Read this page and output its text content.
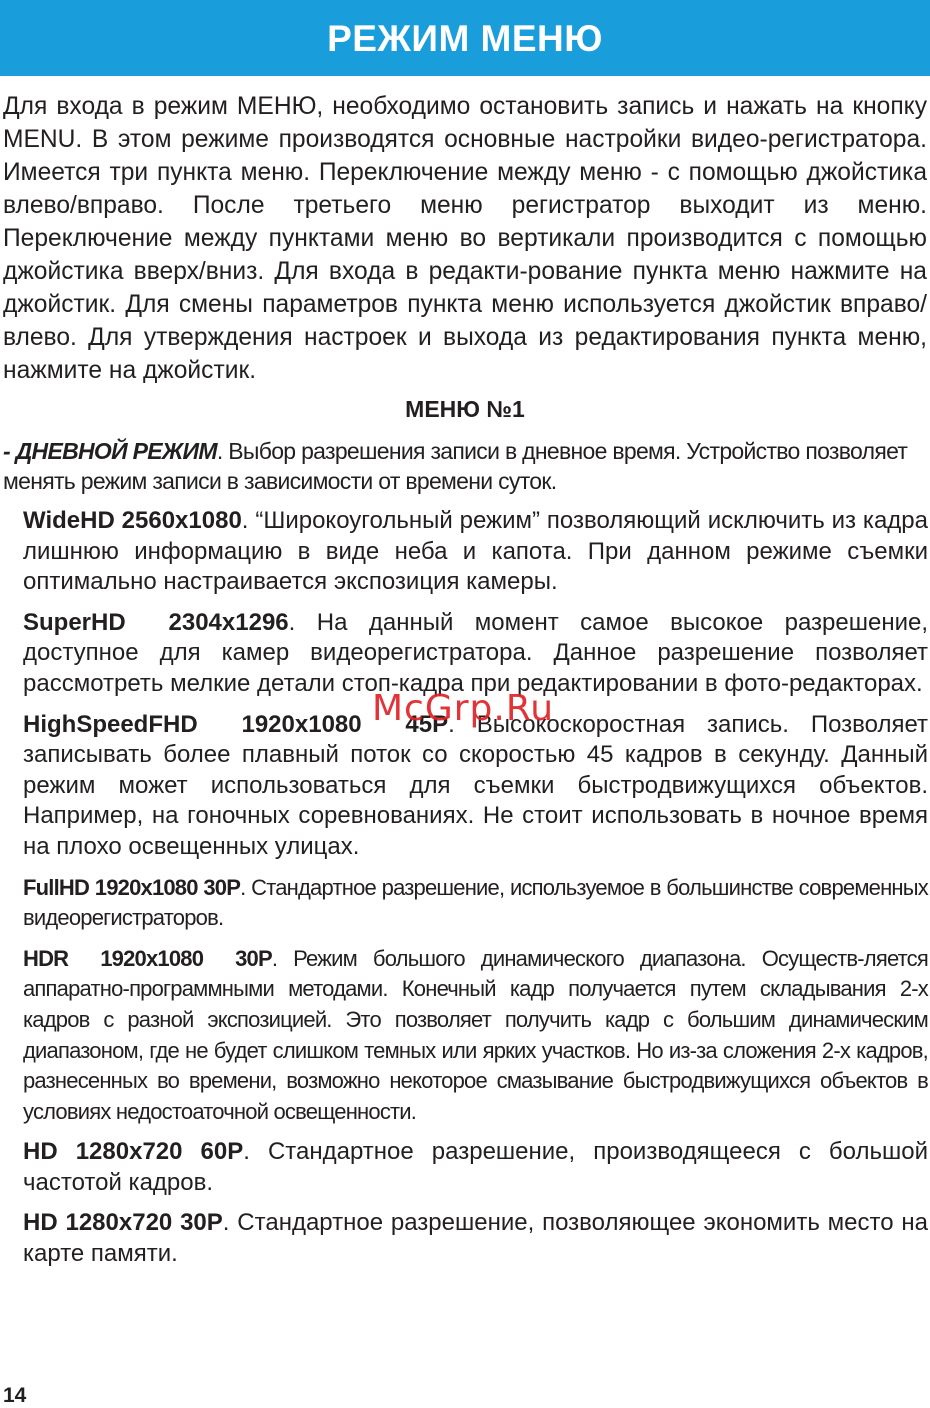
РЕЖИМ МЕНЮ

Для входа в режим МЕНЮ, необходимо остановить запись и нажать на кнопку MENU. В этом режиме производятся основные настройки видео-регистратора. Имеется три пункта меню. Переключение между меню - с помощью джойстика влево/вправо. После третьего меню регистратор выходит из меню. Переключение между пунктами меню во вертикали производится с помощью джойстика вверх/вниз. Для входа в редакти-рование пункта меню нажмите на джойстик. Для смены параметров пункта меню используется джойстик вправо/влево. Для утверждения настроек и выхода из редактирования пункта меню, нажмите на джойстик.

МЕНЮ №1

- ДНЕВНОЙ РЕЖИМ. Выбор разрешения записи в дневное время. Устройство позволяет менять режим записи в зависимости от времени суток.

WideHD 2560x1080. “Широкоугольный режим” позволяющий исключить из кадра лишнюю информацию в виде неба и капота. При данном режиме съемки оптимально настраивается экспозиция камеры.

SuperHD  2304x1296. На данный момент самое высокое разрешение, доступное для камер видеорегистратора. Данное разрешение позволяет рассмотреть мелкие детали стоп-кадра при редактировании в фото-редакторах.

HighSpeedFHD  1920x1080  45P. Высокоскоростная запись. Позволяет записывать более плавный поток со скоростью 45 кадров в секунду. Данный режим может использоваться для съемки быстродвижущихся объектов. Например, на гоночных соревнованиях. Не стоит использовать в ночное время на плохо освещенных улицах.

FullHD 1920x1080 30P. Стандартное разрешение, используемое в большинстве современных видеорегистраторов.

HDR  1920x1080  30P. Режим большого динамического диапазона. Осуществ-ляется аппаратно-программными методами. Конечный кадр получается путем складывания 2-х кадров с разной экспозицией. Это позволяет получить кадр с большим динамическим диапазоном, где не будет слишком темных или ярких участков. Но из-за сложения 2-х кадров, разнесенных во времени, возможно некоторое смазывание быстродвижущихся объектов в условиях недостоаточной освещенности.

HD 1280x720 60P. Стандартное разрешение, производящееся с большой частотой кадров.

HD 1280x720 30P. Стандартное разрешение, позволяющее экономить место на карте памяти.

McGrp.Ru
14
